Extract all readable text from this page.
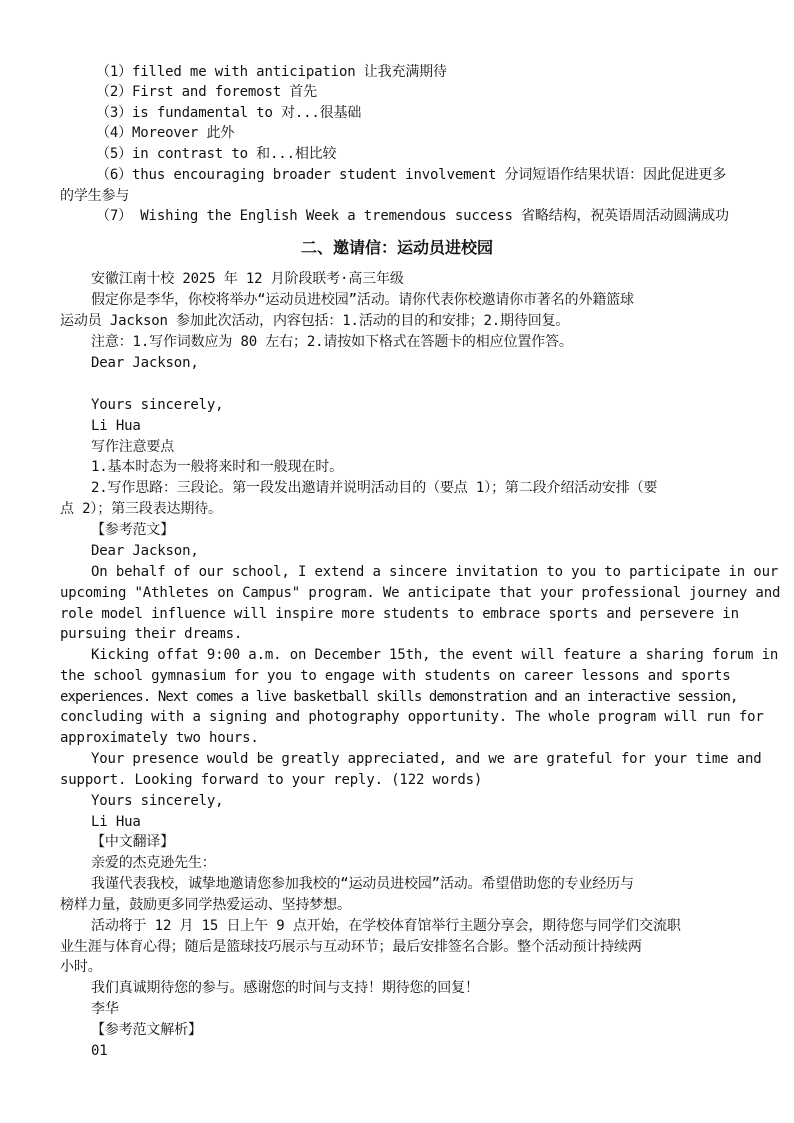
（1）filled me with anticipation 让我充满期待
（2）First and foremost 首先
（3）is fundamental to 对...很基础
（4）Moreover 此外
（5）in contrast to 和...相比较
（6）thus encouraging broader student involvement 分词短语作结果状语：因此促进更多
的学生参与
（7） Wishing the English Week a tremendous success 省略结构，祝英语周活动圆满成功
二、邀请信：运动员进校园
安徽江南十校 2025 年 12 月阶段联考·高三年级
假定你是李华，你校将举办“运动员进校园”活动。请你代表你校邀请你市著名的外籍篮球
运动员 Jackson 参加此次活动，内容包括：1.活动的目的和安排；2.期待回复。
注意：1.写作词数应为 80 左右；2.请按如下格式在答题卡的相应位置作答。
Dear Jackson,
Yours sincerely,
Li Hua
写作注意要点
1.基本时态为一般将来时和一般现在时。
2.写作思路：三段论。第一段发出邀请并说明活动目的（要点 1）；第二段介绍活动安排（要
点 2）；第三段表达期待。
【参考范文】
Dear Jackson,
On behalf of our school, I extend a sincere invitation to you to participate in our
upcoming "Athletes on Campus" program. We anticipate that your professional journey and
role model influence will inspire more students to embrace sports and persevere in
pursuing their dreams.
Kicking offat 9:00 a.m. on December 15th, the event will feature a sharing forum in
the school gymnasium for you to engage with students on career lessons and sports
experiences. Next comes a live basketball skills demonstration and an interactive session,
concluding with a signing and photography opportunity. The whole program will run for
approximately two hours.
Your presence would be greatly appreciated, and we are grateful for your time and
support. Looking forward to your reply. (122 words)
Yours sincerely,
Li Hua
【中文翻译】
亲爱的杰克逊先生：
我谨代表我校，诚挚地邀请您参加我校的“运动员进校园”活动。希望借助您的专业经历与
榜样力量，鼓励更多同学热爱运动、坚持梦想。
活动将于 12 月 15 日上午 9 点开始，在学校体育馆举行主题分享会，期待您与同学们交流职
业生涯与体育心得；随后是篮球技巧展示与互动环节；最后安排签名合影。整个活动预计持续两
小时。
我们真诚期待您的参与。感谢您的时间与支持！期待您的回复！
李华
【参考范文解析】
01
